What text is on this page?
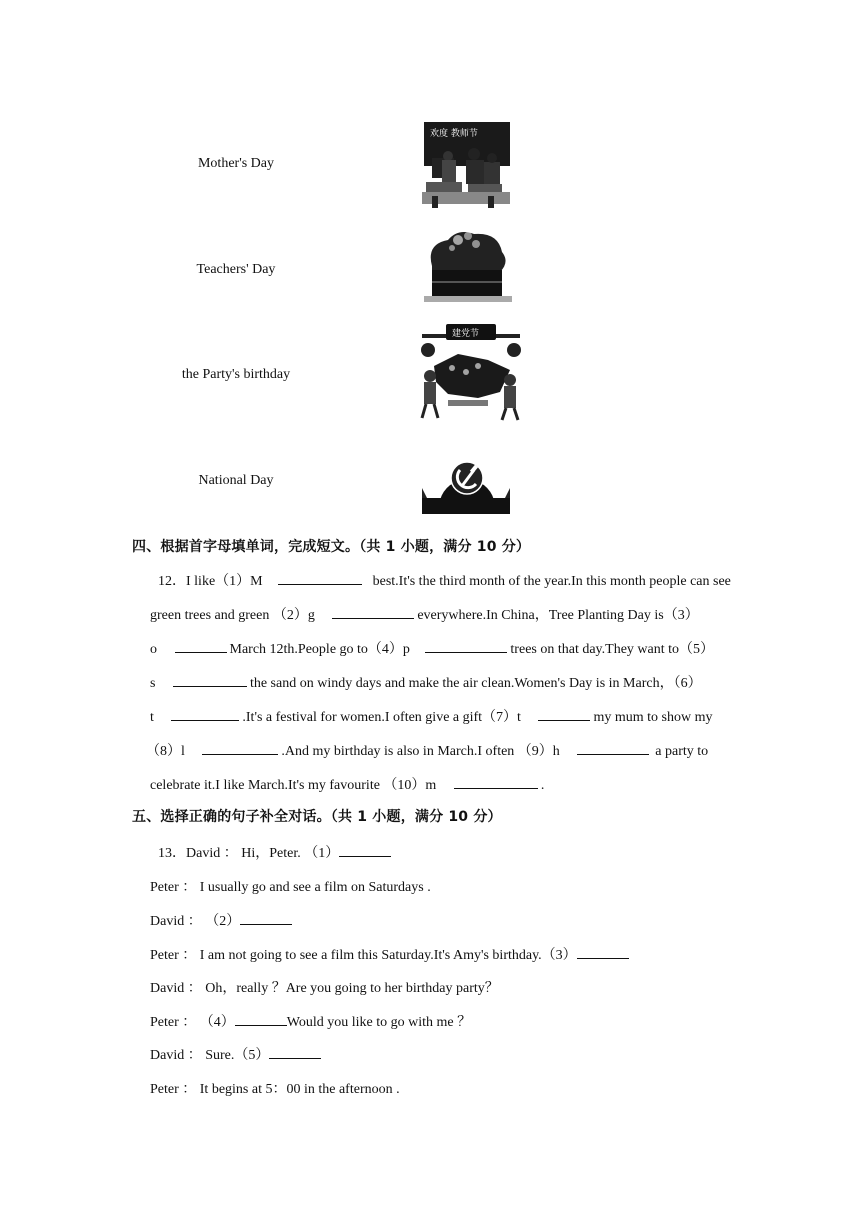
Mother's Day
欢度 教师节
Teachers' Day
the Party's birthday
建党节
National Day
四、根据首字母填单词，完成短文。（共 1 小题，满分 10 分）
12．I like（1）M	best.It's the third month of the year.In this month people can see
green trees and green （2）g	everywhere.In China，Tree Planting Day is（3）
o	March 12th.People go to（4）p	trees on that day.They want to（5）
s	the sand on windy days and make the air clean.Women's Day is in March，（6）
t	.It's a festival for women.I often give a gift（7）t	my mum to show my
（8）l	.And my birthday is also in March.I often （9）h	a party to
celebrate it.I like March.It's my favourite （10）m	.
五、选择正确的句子补全对话。（共 1 小题，满分 10 分）
13．David ： Hi，Peter. （1）
Peter ： I usually go and see a film on Saturdays .
David ： （2）
Peter ： I am not going to see a film this Saturday.It's Amy's birthday.（3）
David ： Oh，really ？Are you going to her birthday party？
Peter ： （4）	Would you like to go with me ？
David ： Sure.（5）
Peter ： It begins at 5：00 in the afternoon .
